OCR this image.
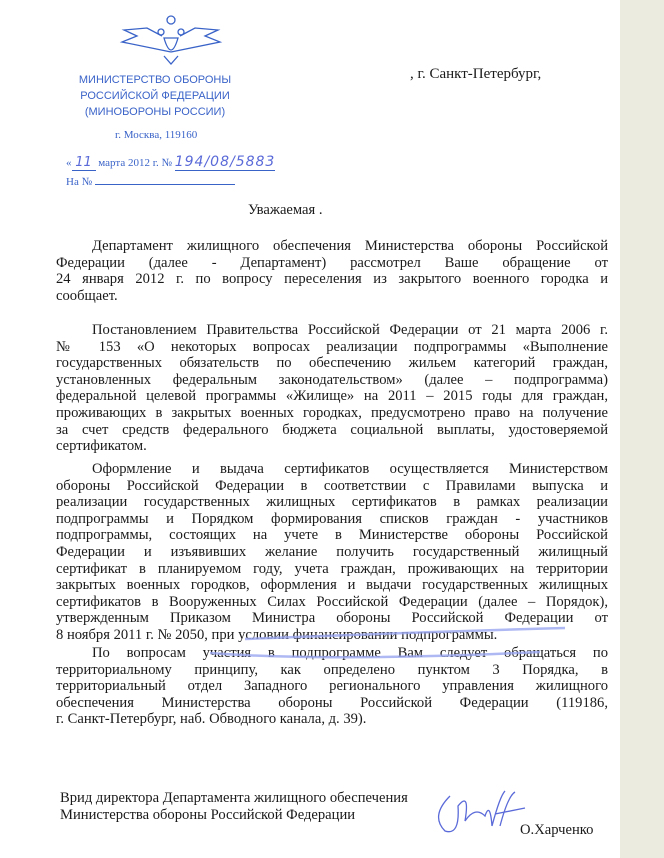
МИНИСТЕРСТВО ОБОРОНЫ
РОССИЙСКОЙ ФЕДЕРАЦИИ
(МИНОБОРОНЫ РОССИИ)
г. Москва, 119160
« 11 марта 2012 г. № 194/08/5883
На №
, г. Санкт-Петербург,
Уважаемая .
Департамент жилищного обеспечения Министерства обороны Российской
Федерации (далее - Департамент) рассмотрел Ваше обращение от
24 января 2012 г. по вопросу переселения из закрытого военного городка и
сообщает.
Постановлением Правительства Российской Федерации от 21 марта 2006 г.
№ 153 «О некоторых вопросах реализации подпрограммы «Выполнение
государственных обязательств по обеспечению жильем категорий граждан,
установленных федеральным законодательством» (далее – подпрограмма)
федеральной целевой программы «Жилище» на 2011 – 2015 годы для граждан,
проживающих в закрытых военных городках, предусмотрено право на получение
за счет средств федерального бюджета социальной выплаты, удостоверяемой
сертификатом.
Оформление и выдача сертификатов осуществляется Министерством
обороны Российской Федерации в соответствии с Правилами выпуска и
реализации государственных жилищных сертификатов в рамках реализации
подпрограммы и Порядком формирования списков граждан - участников
подпрограммы, состоящих на учете в Министерстве обороны Российской
Федерации и изъявивших желание получить государственный жилищный
сертификат в планируемом году, учета граждан, проживающих на территории
закрытых военных городков, оформления и выдачи государственных жилищных
сертификатов в Вооруженных Силах Российской Федерации (далее – Порядок),
утвержденным Приказом Министра обороны Российской Федерации от
8 ноября 2011 г. № 2050, при условии финансировании подпрограммы.
По вопросам участия в подпрограмме Вам следует обращаться по
территориальному принципу, как определено пунктом 3 Порядка, в
территориальный отдел Западного регионального управления жилищного
обеспечения Министерства обороны Российской Федерации (119186,
г. Санкт-Петербург, наб. Обводного канала, д. 39).
Врид директора Департамента жилищного обеспечения
Министерства обороны Российской Федерации
О.Харченко
